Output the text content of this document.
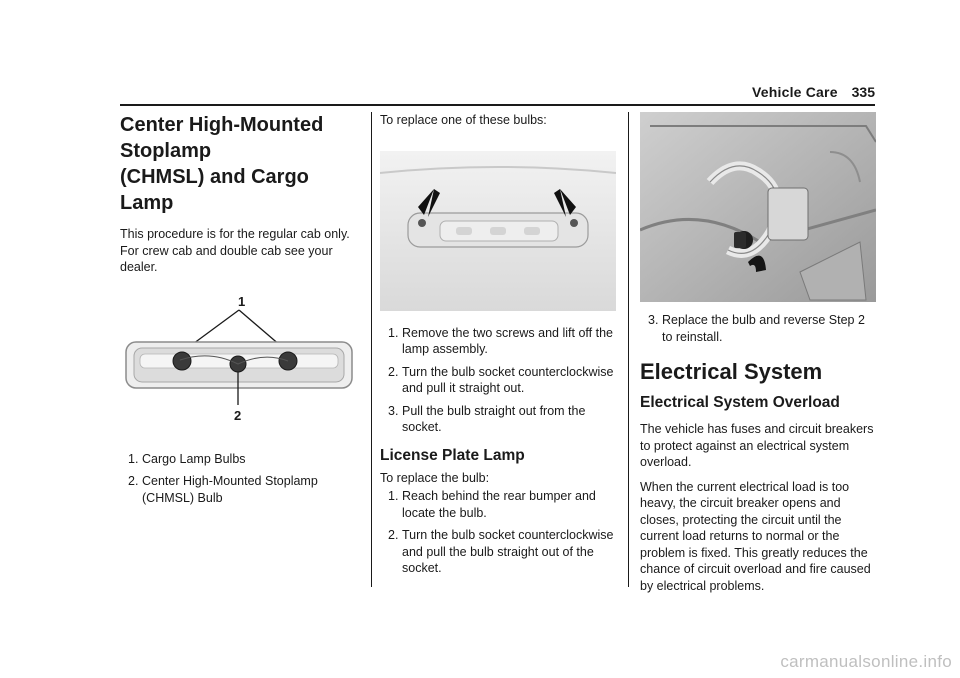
Vehicle Care 335
Center High-Mounted Stoplamp
(CHMSL) and Cargo Lamp

This procedure is for the regular cab only. For crew cab and double cab see your dealer.

1
2
1. Cargo Lamp Bulbs
2. Center High-Mounted Stoplamp (CHMSL) Bulb

To replace one of these bulbs:

1. Remove the two screws and lift off the lamp assembly.
2. Turn the bulb socket counterclockwise and pull it straight out.
3. Pull the bulb straight out from the socket.
License Plate Lamp

To replace the bulb:

1. Reach behind the rear bumper and locate the bulb.
2. Turn the bulb socket counterclockwise and pull the bulb straight out of the socket.
3. Replace the bulb and reverse Step 2 to reinstall.
Electrical System
Electrical System Overload

The vehicle has fuses and circuit breakers to protect against an electrical system overload.

When the current electrical load is too heavy, the circuit breaker opens and closes, protecting the circuit until the current load returns to normal or the problem is fixed. This greatly reduces the chance of circuit overload and fire caused by electrical problems.

carmanualsonline.info
